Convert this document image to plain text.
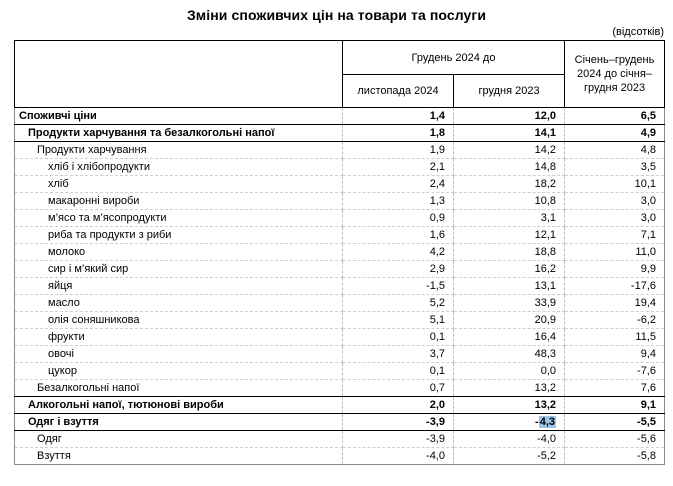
Зміни споживчих цін на товари та послуги
(відсотків)
	Грудень 2024 до		Січень–грудень 2024 до січня–грудня 2023
	листопада 2024	грудня 2023	
Споживчі ціни	1,4	12,0	6,5
Продукти харчування та безалкогольні напої	1,8	14,1	4,9
Продукти харчування	1,9	14,2	4,8
хліб і хлібопродукти	2,1	14,8	3,5
хліб	2,4	18,2	10,1
макаронні вироби	1,3	10,8	3,0
м’ясо та м’ясопродукти	0,9	3,1	3,0
риба та продукти з риби	1,6	12,1	7,1
молоко	4,2	18,8	11,0
сир і м’який сир	2,9	16,2	9,9
яйця	-1,5	13,1	-17,6
масло	5,2	33,9	19,4
олія соняшникова	5,1	20,9	-6,2
фрукти	0,1	16,4	11,5
овочі	3,7	48,3	9,4
цукор	0,1	0,0	-7,6
Безалкогольні напої	0,7	13,2	7,6
Алкогольні напої, тютюнові вироби	2,0	13,2	9,1
Одяг і взуття	-3,9	-4,3	-5,5
Одяг	-3,9	-4,0	-5,6
Взуття	-4,0	-5,2	-5,8
